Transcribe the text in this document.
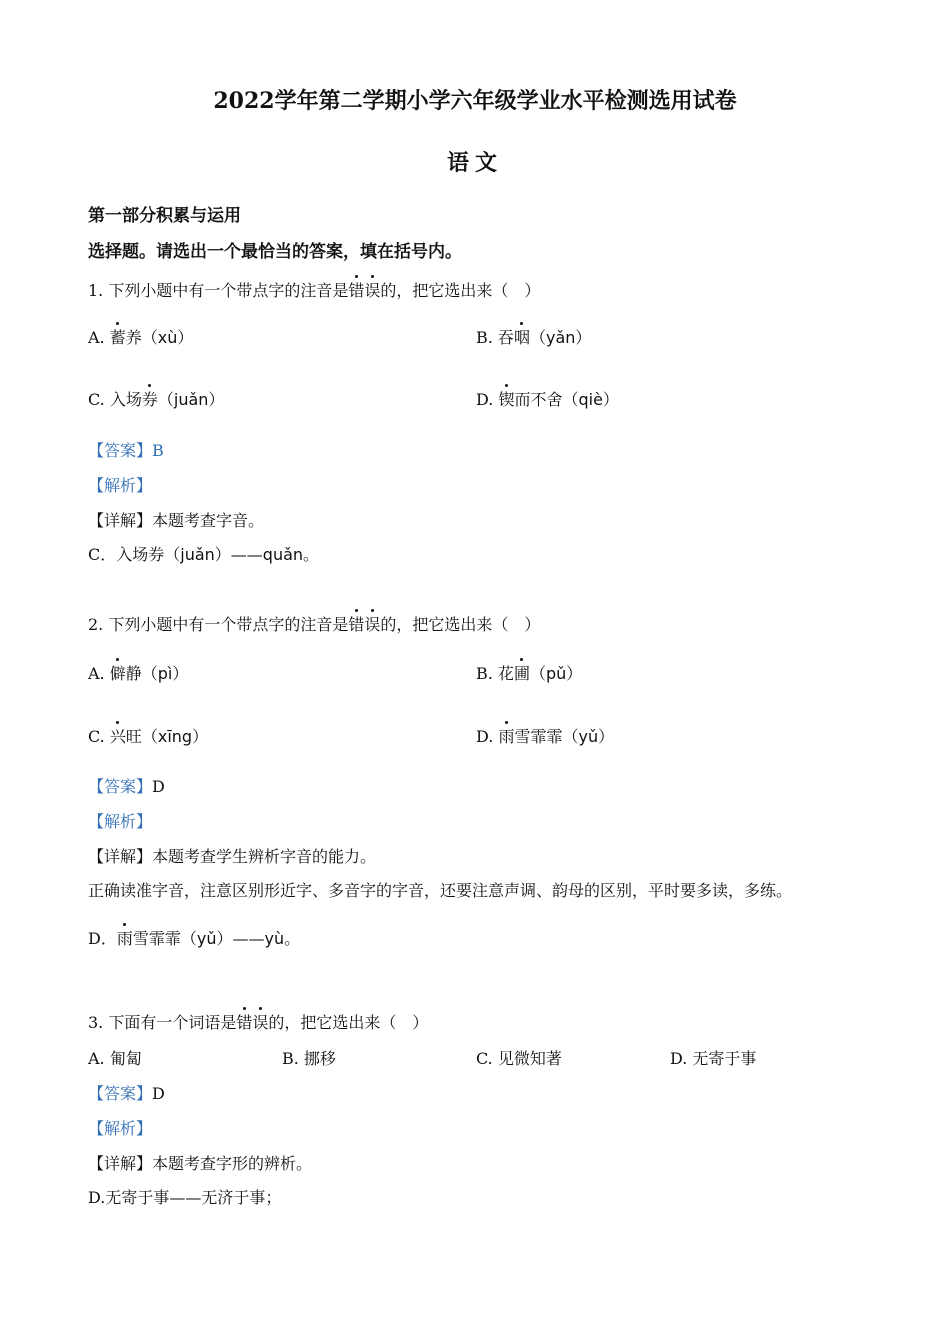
2022学年第二学期小学六年级学业水平检测选用试卷
语文
第一部分积累与运用
选择题。请选出一个最恰当的答案，填在括号内。
1. 下列小题中有一个带点字的注音是错误的，把它选出来（　）
A. 蓄养（xù）	B. 吞咽（yǎn）
C. 入场券（juǎn）	D. 锲而不舍（qiè）
【答案】B
【解析】
【详解】本题考查字音。
C．入场券（juǎn）——quǎn。
2. 下列小题中有一个带点字的注音是错误的，把它选出来（　）
A. 僻静（pì）	B. 花圃（pǔ）
C. 兴旺（xīng）	D. 雨雪霏霏（yǔ）
【答案】D
【解析】
【详解】本题考查学生辨析字音的能力。
正确读准字音，注意区别形近字、多音字的字音，还要注意声调、韵母的区别，平时要多读，多练。
D．雨雪霏霏（yǔ）——yù。
3. 下面有一个词语是错误的，把它选出来（　）
A. 匍匐	B. 挪移	C. 见微知著	D. 无寄于事
【答案】D
【解析】
【详解】本题考查字形的辨析。
D.无寄于事——无济于事；
